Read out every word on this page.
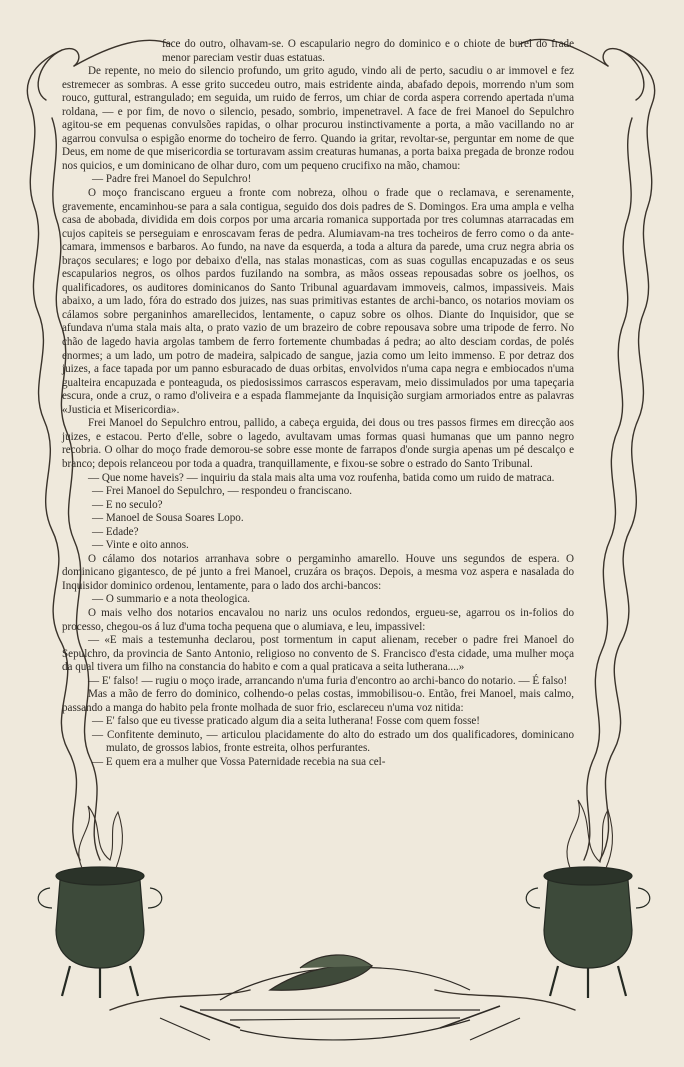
face do outro, olhavam-se. O escapulario negro do dominico e o chiote de burel do frade menor pareciam vestir duas estatuas.

De repente, no meio do silencio profundo, um grito agudo, vindo ali de perto, sacudiu o ar immovel e fez estremecer as sombras. A esse grito succedeu outro, mais estridente ainda, abafado depois, morrendo n'um som rouco, guttural, estrangulado; em seguida, um ruido de ferros, um chiar de corda aspera correndo apertada n'uma roldana, — e por fim, de novo o silencio, pesado, sombrio, impenetravel. A face de frei Manoel do Sepulchro agitou-se em pequenas convulsões rapidas, o olhar procurou instinctivamente a porta, a mão vacillando no ar agarrou convulsa o espigão enorme do tocheiro de ferro. Quando ia gritar, revoltar-se, perguntar em nome de que Deus, em nome de que misericordia se torturavam assim creaturas humanas, a porta baixa pregada de bronze rodou nos quicios, e um dominicano de olhar duro, com um pequeno crucifixo na mão, chamou:

— Padre frei Manoel do Sepulchro!

O moço franciscano ergueu a fronte com nobreza, olhou o frade que o reclamava, e serenamente, gravemente, encaminhou-se para a sala contigua, seguido dos dois padres de S. Domingos. Era uma ampla e velha casa de abobada, dividida em dois corpos por uma arcaria romanica supportada por tres columnas atarracadas em cujos capiteis se perseguiam e enroscavam feras de pedra. Alumiavam-na tres tocheiros de ferro como o da ante-camara, immensos e barbaros. Ao fundo, na nave da esquerda, a toda a altura da parede, uma cruz negra abria os braços seculares; e logo por debaixo d'ella, nas stalas monasticas, com as suas cogullas encapuzadas e os seus escapularios negros, os olhos pardos fuzilando na sombra, as mãos osseas repousadas sobre os joelhos, os qualificadores, os auditores dominicanos do Santo Tribunal aguardavam immoveis, calmos, impassiveis. Mais abaixo, a um lado, fóra do estrado dos juizes, nas suas primitivas estantes de archi-banco, os notarios moviam os cálamos sobre perganinhos amarellecidos, lentamente, o capuz sobre os olhos. Diante do Inquisidor, que se afundava n'uma stala mais alta, o prato vazio de um brazeiro de cobre repousava sobre uma tripode de ferro. No chão de lagedo havia argolas tambem de ferro fortemente chumbadas á pedra; ao alto desciam cordas, de polés enormes; a um lado, um potro de madeira, salpicado de sangue, jazia como um leito immenso. E por detraz dos juizes, a face tapada por um panno esburacado de duas orbitas, envolvidos n'uma capa negra e embiocados n'uma gualteira encapuzada e ponteaguda, os piedosissimos carrascos esperavam, meio dissimulados por uma tapeçaria escura, onde a cruz, o ramo d'oliveira e a espada flammejante da Inquisição surgiam armoriados entre as palavras «Justicia et Misericordia».

Frei Manoel do Sepulchro entrou, pallido, a cabeça erguida, dei dous ou tres passos firmes em direcção aos juizes, e estacou. Perto d'elle, sobre o lagedo, avultavam umas formas quasi humanas que um panno negro recobria. O olhar do moço frade demorou-se sobre esse monte de farrapos d'onde surgia apenas um pé descalço e branco; depois relanceou por toda a quadra, tranquillamente, e fixou-se sobre o estrado do Santo Tribunal.

— Que nome haveis? — inquiriu da stala mais alta uma voz roufenha, batida como um ruido de matraca.

— Frei Manoel do Sepulchro, — respondeu o franciscano.

— E no seculo?

— Manoel de Sousa Soares Lopo.

— Edade?

— Vinte e oito annos.

O cálamo dos notarios arranhava sobre o pergaminho amarello. Houve uns segundos de espera. O dominicano gigantesco, de pé junto a frei Manoel, cruzára os braços. Depois, a mesma voz aspera e nasalada do Inquisidor dominico ordenou, lentamente, para o lado dos archi-bancos:

— O summario e a nota theologica.

O mais velho dos notarios encavalou no nariz uns oculos redondos, ergueu-se, agarrou os in-folios do processo, chegou-os á luz d'uma tocha pequena que o alumiava, e leu, impassivel:

— «E mais a testemunha declarou, post tormentum in caput alienam, receber o padre frei Manoel do Sepulchro, da provincia de Santo Antonio, religioso no convento de S. Francisco d'esta cidade, uma mulher moça da qual tivera um filho na constancia do habito e com a qual praticava a seita lutherana....»

— E' falso! — rugiu o moço irade, arrancando n'uma furia d'encontro ao archi-banco do notario. — É falso!

Mas a mão de ferro do dominico, colhendo-o pelas costas, immobilisou-o. Então, frei Manoel, mais calmo, passando a manga do habito pela fronte molhada de suor frio, esclareceu n'uma voz nitida:

— E' falso que eu tivesse praticado algum dia a seita lutherana! Fosse com quem fosse!

— Confitente deminuto, — articulou placidamente do alto do estrado um dos qualificadores, dominicano mulato, de grossos labios, fronte estreita, olhos perfurantes.

— E quem era a mulher que Vossa Paternidade recebia na sua cel-
